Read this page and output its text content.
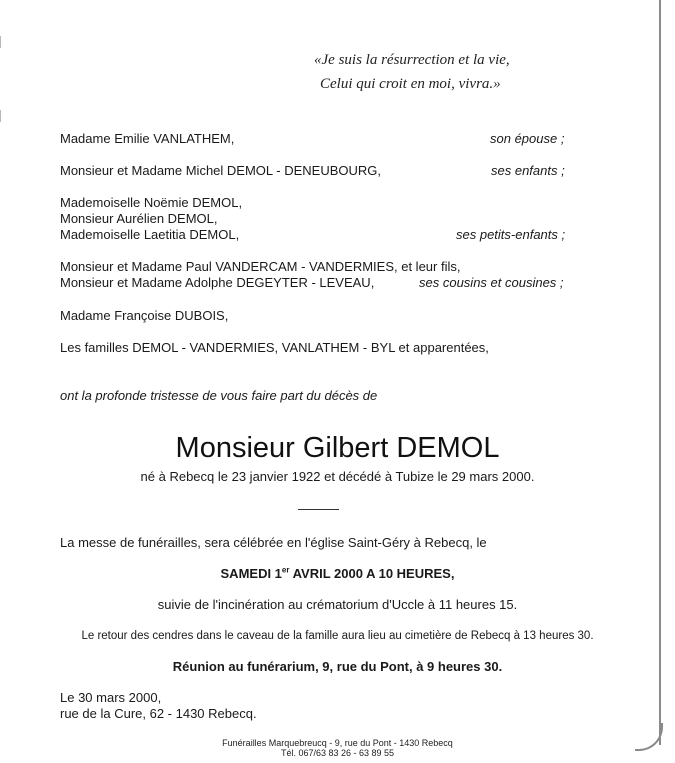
«Je suis la résurrection et la vie,
Celui qui croit en moi, vivra.»
Madame Emilie VANLATHEM,	son épouse ;
Monsieur et Madame Michel DEMOL - DENEUBOURG,	ses enfants ;
Mademoiselle Noëmie DEMOL,
Monsieur Aurélien DEMOL,
Mademoiselle Laetitia DEMOL,	ses petits-enfants ;
Monsieur et Madame Paul VANDERCAM - VANDERMIES, et leur fils,
Monsieur et Madame Adolphe DEGEYTER - LEVEAU,	ses cousins et cousines ;
Madame Françoise DUBOIS,
Les familles DEMOL - VANDERMIES, VANLATHEM - BYL et apparentées,
ont la profonde tristesse de vous faire part du décès de
Monsieur Gilbert DEMOL
né à Rebecq le 23 janvier 1922 et décédé à Tubize le 29 mars 2000.
La messe de funérailles, sera célébrée en l'église Saint-Géry à Rebecq, le
SAMEDI 1er AVRIL 2000 A 10 HEURES,
suivie de l'incinération au crématorium d'Uccle à 11 heures 15.
Le retour des cendres dans le caveau de la famille aura lieu au cimetière de Rebecq à 13 heures 30.
Réunion au funérarium, 9, rue du Pont, à 9 heures 30.
Le 30 mars 2000,
rue de la Cure, 62 - 1430 Rebecq.
Funérailles Marquebreucq - 9, rue du Pont - 1430 Rebecq
Tél. 067/63 83 26 - 63 89 55
